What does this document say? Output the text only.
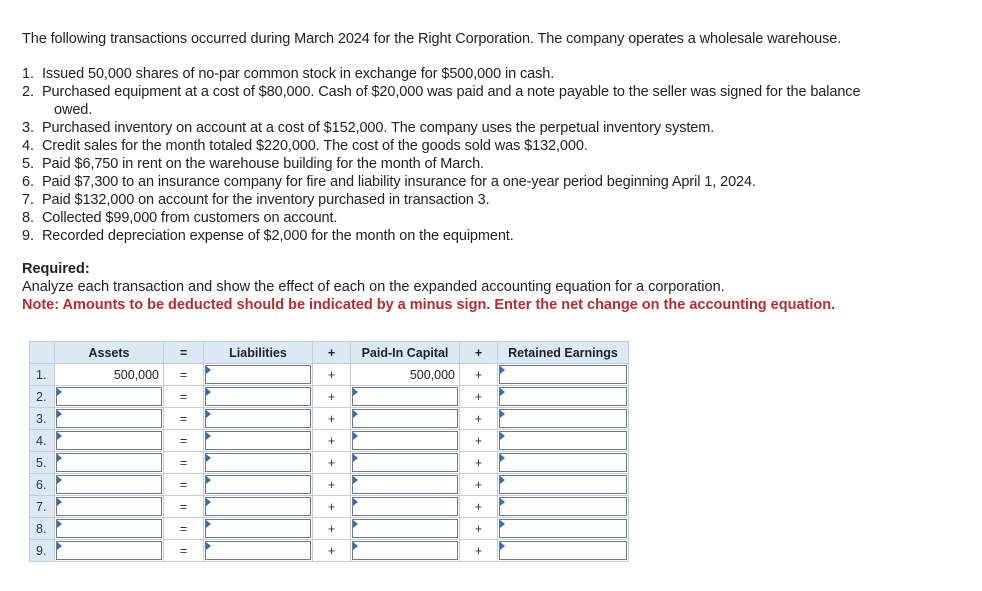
The following transactions occurred during March 2024 for the Right Corporation. The company operates a wholesale warehouse.
1. Issued 50,000 shares of no-par common stock in exchange for $500,000 in cash.
2. Purchased equipment at a cost of $80,000. Cash of $20,000 was paid and a note payable to the seller was signed for the balance
owed.
3. Purchased inventory on account at a cost of $152,000. The company uses the perpetual inventory system.
4. Credit sales for the month totaled $220,000. The cost of the goods sold was $132,000.
5. Paid $6,750 in rent on the warehouse building for the month of March.
6. Paid $7,300 to an insurance company for fire and liability insurance for a one-year period beginning April 1, 2024.
7. Paid $132,000 on account for the inventory purchased in transaction 3.
8. Collected $99,000 from customers on account.
9. Recorded depreciation expense of $2,000 for the month on the equipment.
Required:
Analyze each transaction and show the effect of each on the expanded accounting equation for a corporation.
Note: Amounts to be deducted should be indicated by a minus sign. Enter the net change on the accounting equation.
	Assets	=	Liabilities	+	Paid-In Capital	+	Retained Earnings
1.	500,000	=		+	500,000	+	

2.		=		+		+	

3.		=		+		+	

4.		=		+		+	

5.		=		+		+	

6.		=		+		+	

7.		=		+		+	

8.		=		+		+	

9.		=		+		+	
